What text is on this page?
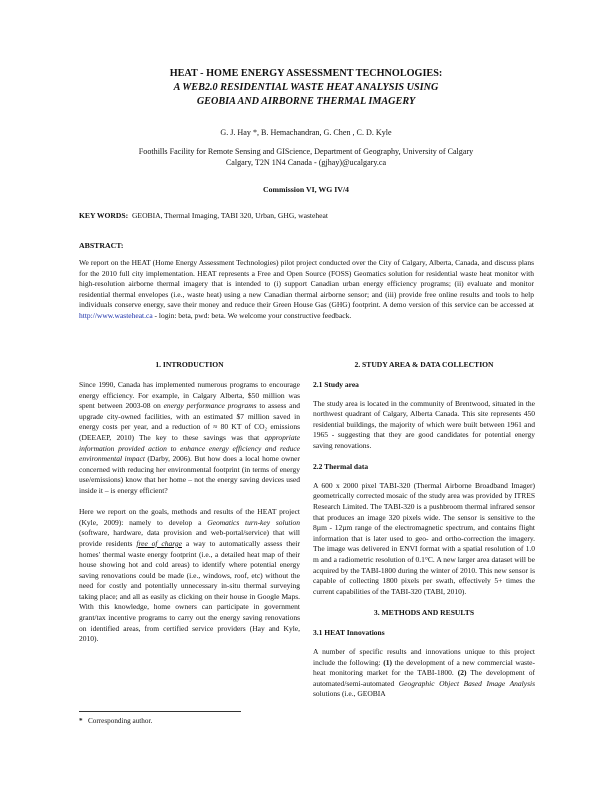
HEAT - HOME ENERGY ASSESSMENT TECHNOLOGIES:
A WEB2.0 RESIDENTIAL WASTE HEAT ANALYSIS USING
GEOBIA AND AIRBORNE THERMAL IMAGERY
G. J. Hay *, B. Hemachandran, G. Chen , C. D. Kyle
Foothills Facility for Remote Sensing and GIScience, Department of Geography, University of Calgary
Calgary, T2N 1N4 Canada - (gjhay)@ucalgary.ca
Commission VI, WG IV/4
KEY WORDS: GEOBIA, Thermal Imaging, TABI 320, Urban, GHG, wasteheat
ABSTRACT:
We report on the HEAT (Home Energy Assessment Technologies) pilot project conducted over the City of Calgary, Alberta, Canada, and discuss plans for the 2010 full city implementation. HEAT represents a Free and Open Source (FOSS) Geomatics solution for residential waste heat monitor with high-resolution airborne thermal imagery that is intended to (i) support Canadian urban energy efficiency programs; (ii) evaluate and monitor residential thermal envelopes (i.e., waste heat) using a new Canadian thermal airborne sensor; and (iii) provide free online results and tools to help individuals conserve energy, save their money and reduce their Green House Gas (GHG) footprint. A demo version of this service can be accessed at http://www.wasteheat.ca - login: beta, pwd: beta. We welcome your constructive feedback.
1. INTRODUCTION	2. STUDY AREA & DATA COLLECTION

Since 1990, Canada has implemented numerous programs to encourage energy efficiency. For example, in Calgary Alberta, $50 million was spent between 2003-08 on energy performance programs to assess and upgrade city-owned facilities, with an estimated $7 million saved in energy costs per year, and a reduction of ≈ 80 KT of CO₂ emissions (DEEAEP, 2010) The key to these savings was that appropriate information provided action to enhance energy efficiency and reduce environmental impact (Darby, 2006). But how does a local home owner concerned with reducing her environmental footprint (in terms of energy use/emissions) know that her home – not the energy saving devices used inside it – is energy efficient?

Here we report on the goals, methods and results of the HEAT project (Kyle, 2009): namely to develop a Geomatics turn-key solution (software, hardware, data provision and web-portal/service) that will provide residents free of charge a way to automatically assess their homes' thermal waste energy footprint (i.e., a detailed heat map of their house showing hot and cold areas) to identify where potential energy saving renovations could be made (i.e., windows, roof, etc) without the need for costly and potentially unnecessary in-situ thermal surveying taking place; and all as easily as clicking on their house in Google Maps. With this knowledge, home owners can participate in government grant/tax incentive programs to carry out the energy saving renovations on identified areas, from certified service providers (Hay and Kyle, 2010).

2.1 Study area

The study area is located in the community of Brentwood, situated in the northwest quadrant of Calgary, Alberta Canada. This site represents 450 residential buildings, the majority of which were built between 1961 and 1965 - suggesting that they are good candidates for potential energy saving renovations.

2.2 Thermal data

A 600 x 2000 pixel TABI-320 (Thermal Airborne Broadband Imager) geometrically corrected mosaic of the study area was provided by ITRES Research Limited. The TABI-320 is a pushbroom thermal infrared sensor that produces an image 320 pixels wide. The sensor is sensitive to the 8µm - 12µm range of the electromagnetic spectrum, and contains flight information that is later used to geo- and ortho-correction the imagery. The image was delivered in ENVI format with a spatial resolution of 1.0 m and a radiometric resolution of 0.1°C. A new larger area dataset will be acquired by the TABI-1800 during the winter of 2010. This new sensor is capable of collecting 1800 pixels per swath, effectively 5+ times the current capabilities of the TABI-320 (TABI, 2010).

3. METHODS AND RESULTS
3.1 HEAT Innovations

A number of specific results and innovations unique to this project include the following: (1) the development of a new commercial waste-heat monitoring market for the TABI-1800. (2) The development of automated/semi-automated Geographic Object Based Image Analysis solutions (i.e., GEOBIA

* Corresponding author.
